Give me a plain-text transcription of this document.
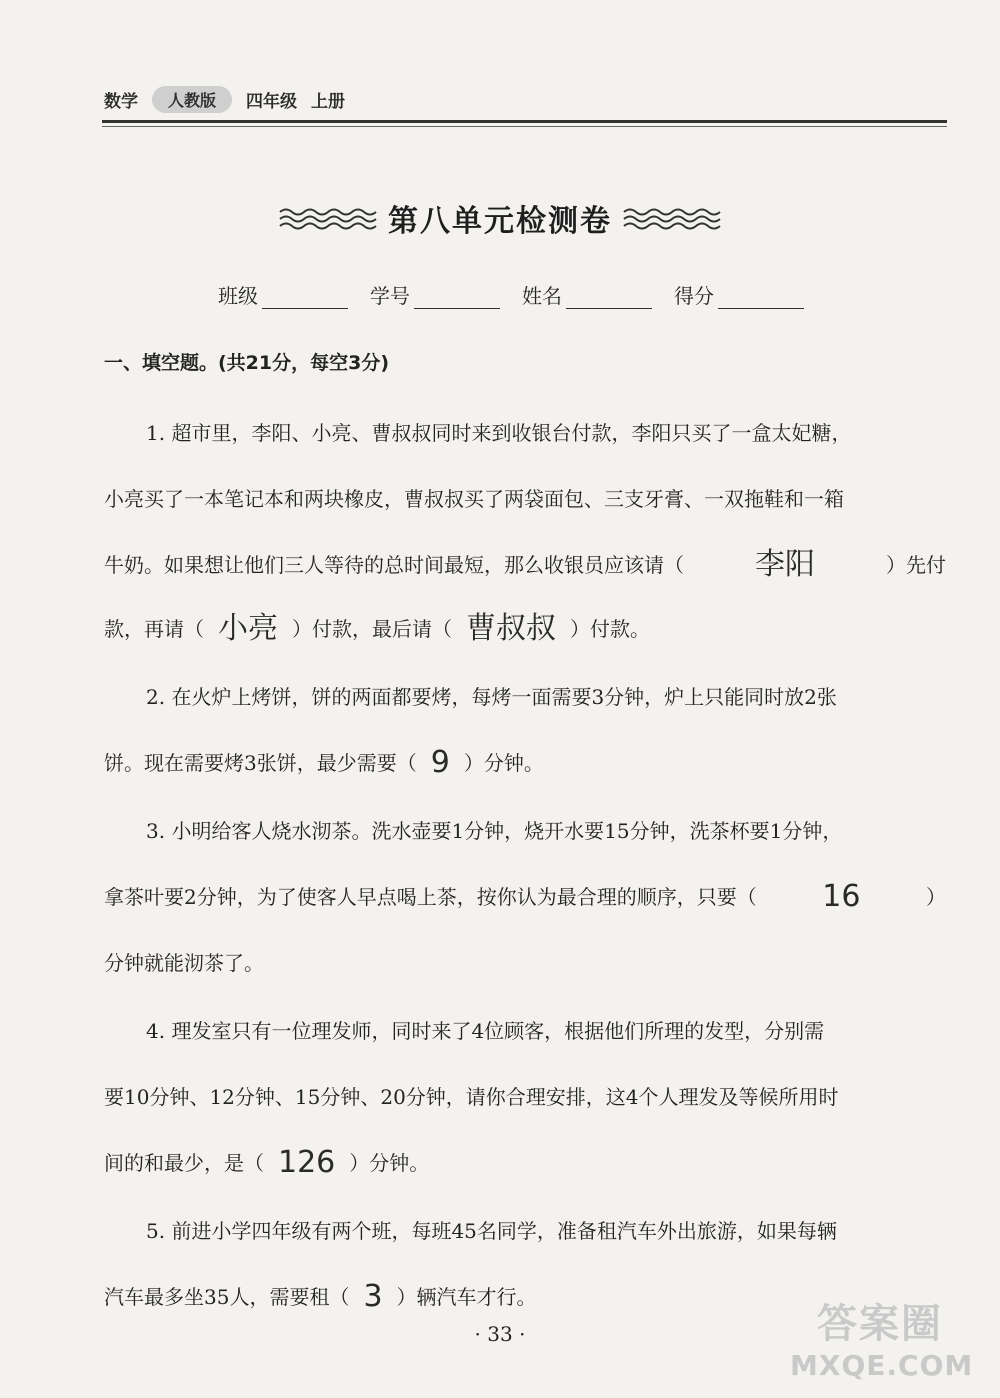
数学	人教版	四年级 上册
第八单元检测卷
班级	学号	姓名	得分
一、填空题。(共21分，每空3分)
1. 超市里，李阳、小亮、曹叔叔同时来到收银台付款，李阳只买了一盒太妃糖，
小亮买了一本笔记本和两块橡皮，曹叔叔买了两袋面包、三支牙膏、一双拖鞋和一箱
牛奶。如果想让他们三人等待的总时间最短，那么收银员应该请（	李阳	）先付
款，再请（ 小亮 ）付款，最后请（ 曹叔叔 ）付款。
2. 在火炉上烤饼，饼的两面都要烤，每烤一面需要3分钟，炉上只能同时放2张
饼。现在需要烤3张饼，最少需要（ 9 ）分钟。
3. 小明给客人烧水沏茶。洗水壶要1分钟，烧开水要15分钟，洗茶杯要1分钟，
拿茶叶要2分钟，为了使客人早点喝上茶，按你认为最合理的顺序，只要（	16	）
分钟就能沏茶了。
4. 理发室只有一位理发师，同时来了4位顾客，根据他们所理的发型，分别需
要10分钟、12分钟、15分钟、20分钟，请你合理安排，这4个人理发及等候所用时
间的和最少，是（ 126 ）分钟。
5. 前进小学四年级有两个班，每班45名同学，准备租汽车外出旅游，如果每辆
汽车最多坐35人，需要租（ 3 ）辆汽车才行。
· 33 ·	答案圈
MXQE.COM
